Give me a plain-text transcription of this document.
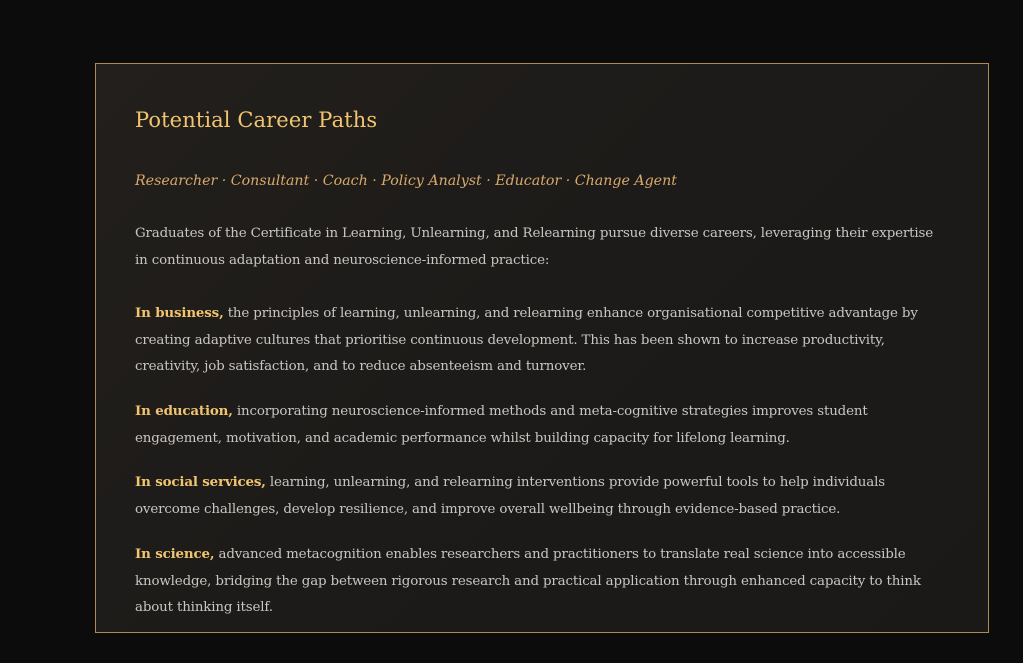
Potential Career Paths

Researcher · Consultant · Coach · Policy Analyst · Educator · Change Agent

Graduates of the Certificate in Learning, Unlearning, and Relearning pursue diverse careers, leveraging their expertise in continuous adaptation and neuroscience-informed practice:

In business, the principles of learning, unlearning, and relearning enhance organisational competitive advantage by creating adaptive cultures that prioritise continuous development. This has been shown to increase productivity, creativity, job satisfaction, and to reduce absenteeism and turnover.

In education, incorporating neuroscience-informed methods and meta-cognitive strategies improves student engagement, motivation, and academic performance whilst building capacity for lifelong learning.

In social services, learning, unlearning, and relearning interventions provide powerful tools to help individuals overcome challenges, develop resilience, and improve overall wellbeing through evidence-based practice.

In science, advanced metacognition enables researchers and practitioners to translate real science into accessible knowledge, bridging the gap between rigorous research and practical application through enhanced capacity to think about thinking itself.
